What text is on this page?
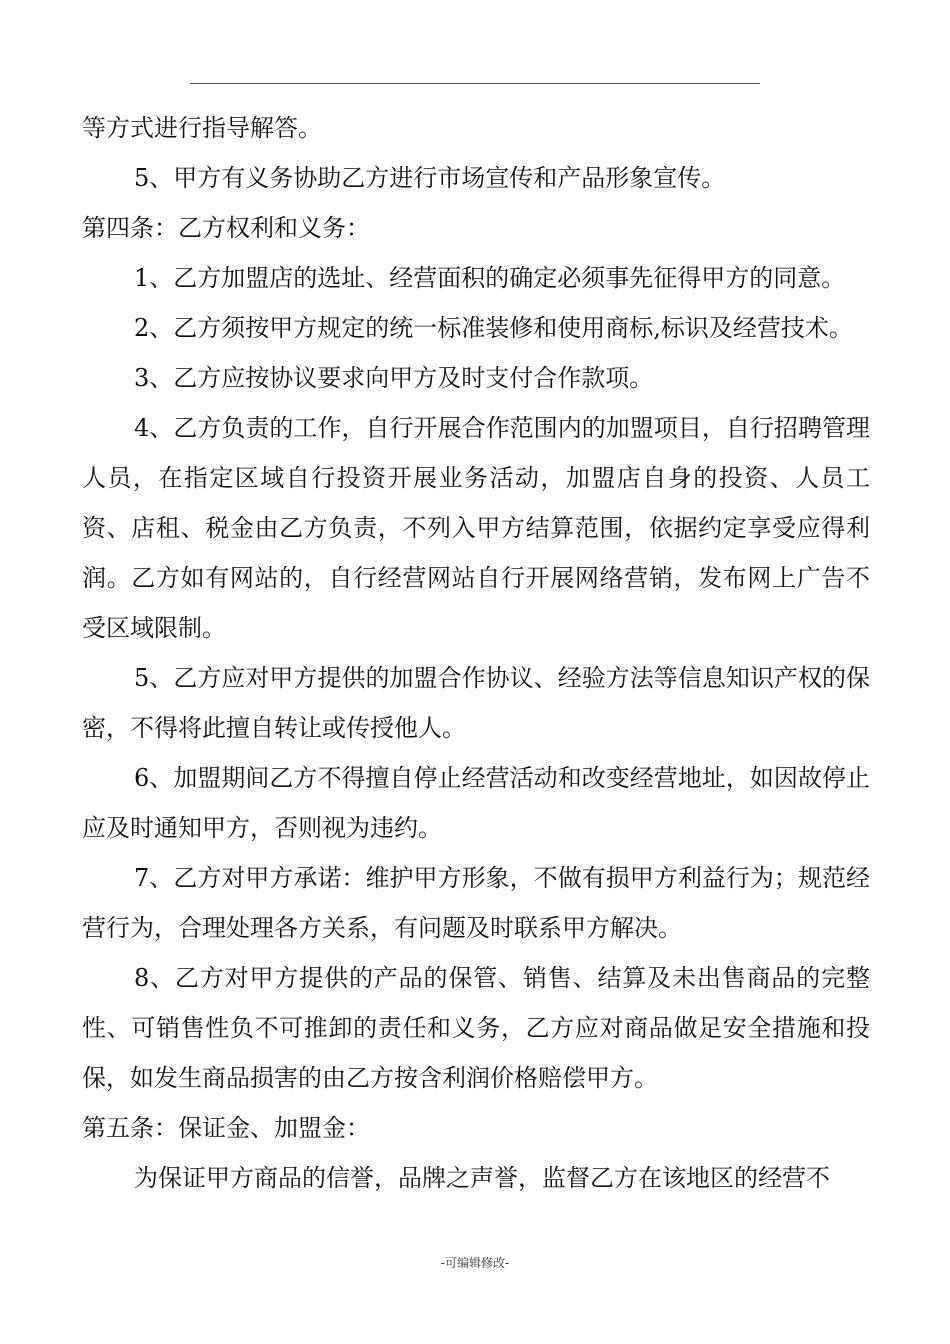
等方式进行指导解答。

5、甲方有义务协助乙方进行市场宣传和产品形象宣传。

第四条：乙方权利和义务：

1、乙方加盟店的选址、经营面积的确定必须事先征得甲方的同意。

2、乙方须按甲方规定的统一标准装修和使用商标,标识及经营技术。

3、乙方应按协议要求向甲方及时支付合作款项。

4、乙方负责的工作，自行开展合作范围内的加盟项目，自行招聘管理人员，在指定区域自行投资开展业务活动，加盟店自身的投资、人员工资、店租、税金由乙方负责，不列入甲方结算范围，依据约定享受应得利润。乙方如有网站的，自行经营网站自行开展网络营销，发布网上广告不受区域限制。

5、乙方应对甲方提供的加盟合作协议、经验方法等信息知识产权的保密，不得将此擅自转让或传授他人。

6、加盟期间乙方不得擅自停止经营活动和改变经营地址，如因故停止应及时通知甲方，否则视为违约。

7、乙方对甲方承诺：维护甲方形象，不做有损甲方利益行为；规范经营行为，合理处理各方关系，有问题及时联系甲方解决。

8、乙方对甲方提供的产品的保管、销售、结算及未出售商品的完整性、可销售性负不可推卸的责任和义务，乙方应对商品做足安全措施和投保，如发生商品损害的由乙方按含利润价格赔偿甲方。

第五条：保证金、加盟金：

为保证甲方商品的信誉，品牌之声誉，监督乙方在该地区的经营不

-可编辑修改-
